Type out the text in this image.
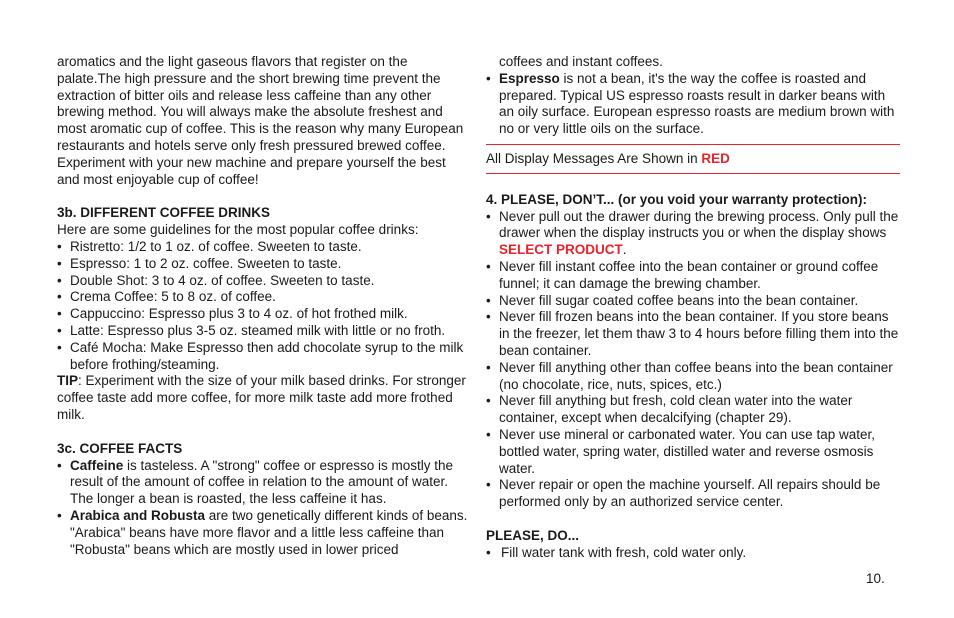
aromatics and the light gaseous flavors that register on the palate.The high pressure and the short brewing time prevent the extraction of bitter oils and release less caffeine than any other brewing method. You will always make the absolute freshest and most aromatic cup of coffee. This is the reason why many European restaurants and hotels serve only fresh pressured brewed coffee. Experiment with your new machine and prepare yourself the best and most enjoyable cup of coffee!

3b. DIFFERENT COFFEE DRINKS

Here are some guidelines for the most popular coffee drinks:

• Ristretto: 1/2 to 1 oz. of coffee. Sweeten to taste.
• Espresso: 1 to 2 oz. coffee. Sweeten to taste.
• Double Shot: 3 to 4 oz. of coffee. Sweeten to taste.
• Crema Coffee: 5 to 8 oz. of coffee.
• Cappuccino: Espresso plus 3 to 4 oz. of hot frothed milk.
• Latte: Espresso plus 3-5 oz. steamed milk with little or no froth.
• Café Mocha: Make Espresso then add chocolate syrup to the milk before frothing/steaming.

TIP: Experiment with the size of your milk based drinks. For stronger coffee taste add more coffee, for more milk taste add more frothed milk.

3c. COFFEE FACTS

• Caffeine is tasteless. A "strong" coffee or espresso is mostly the result of the amount of coffee in relation to the amount of water. The longer a bean is roasted, the less caffeine it has.
• Arabica and Robusta are two genetically different kinds of beans. "Arabica" beans have more flavor and a little less caffeine than "Robusta" beans which are mostly used in lower priced

coffees and instant coffees.

• Espresso is not a bean, it's the way the coffee is roasted and prepared. Typical US espresso roasts result in darker beans with an oily surface. European espresso roasts are medium brown with no or very little oils on the surface.
All Display Messages Are Shown in RED

4. PLEASE, DON’T... (or you void your warranty protection):

• Never pull out the drawer during the brewing process. Only pull the drawer when the display instructs you or when the display shows SELECT PRODUCT.
• Never fill instant coffee into the bean container or ground coffee funnel; it can damage the brewing chamber.
• Never fill sugar coated coffee beans into the bean container.
• Never fill frozen beans into the bean container. If you store beans in the freezer, let them thaw 3 to 4 hours before filling them into the bean container.
• Never fill anything other than coffee beans into the bean container (no chocolate, rice, nuts, spices, etc.)
• Never fill anything but fresh, cold clean water into the water container, except when decalcifying (chapter 29).
• Never use mineral or carbonated water. You can use tap water, bottled water, spring water, distilled water and reverse osmosis water.
• Never repair or open the machine yourself. All repairs should be performed only by an authorized service center.

PLEASE, DO...

• Fill water tank with fresh, cold water only.
10.
